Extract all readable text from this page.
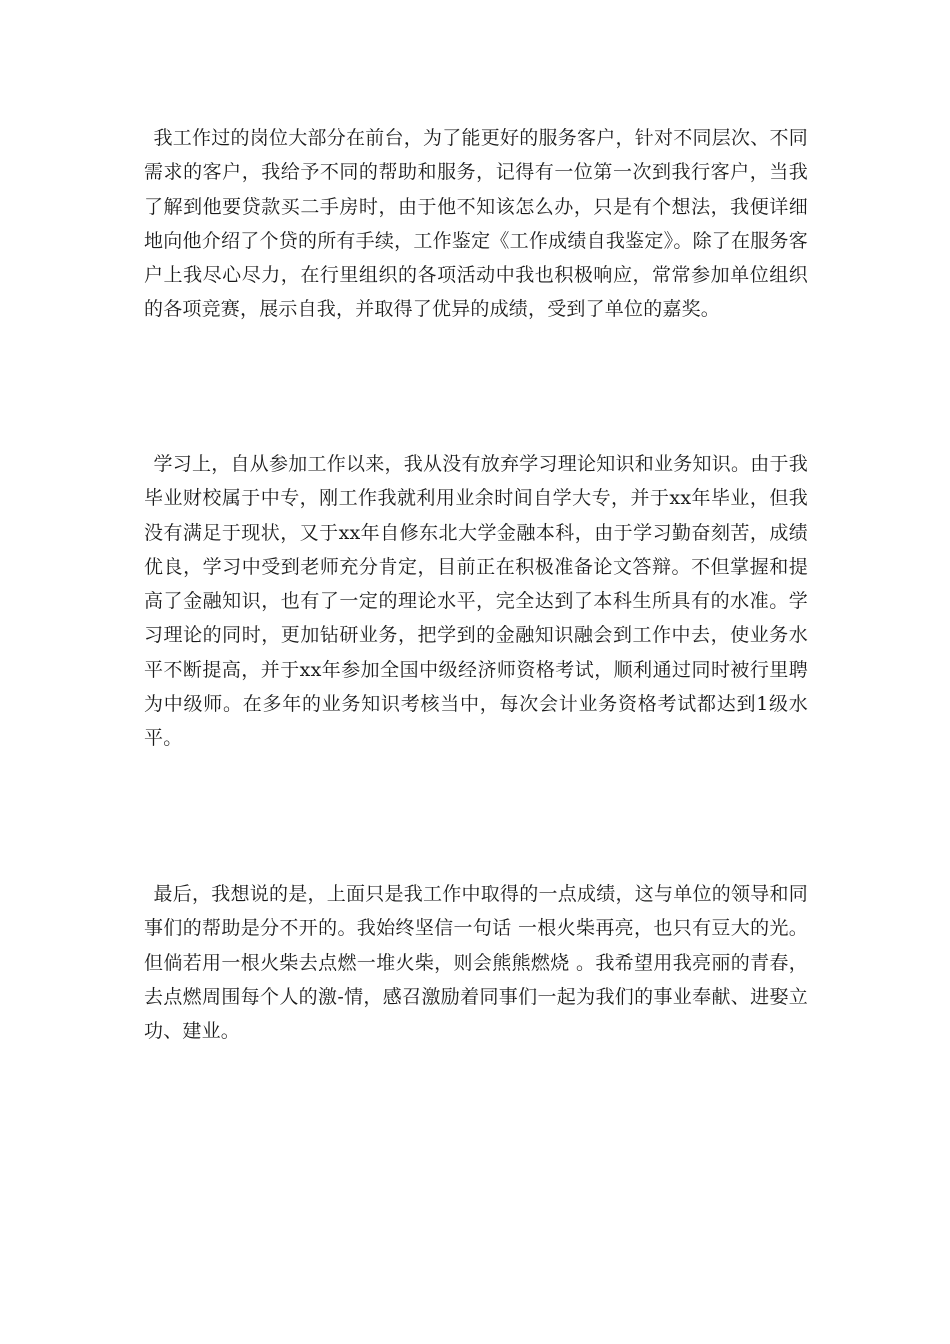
我工作过的岗位大部分在前台，为了能更好的服务客户，针对不同层次、不同需求的客户，我给予不同的帮助和服务，记得有一位第一次到我行客户，当我了解到他要贷款买二手房时，由于他不知该怎么办，只是有个想法，我便详细地向他介绍了个贷的所有手续，工作鉴定《工作成绩自我鉴定》。除了在服务客户上我尽心尽力，在行里组织的各项活动中我也积极响应，常常参加单位组织的各项竞赛，展示自我，并取得了优异的成绩，受到了单位的嘉奖。

学习上，自从参加工作以来，我从没有放弃学习理论知识和业务知识。由于我毕业财校属于中专，刚工作我就利用业余时间自学大专，并于xx年毕业，但我没有满足于现状，又于xx年自修东北大学金融本科，由于学习勤奋刻苦，成绩优良，学习中受到老师充分肯定，目前正在积极准备论文答辩。不但掌握和提高了金融知识，也有了一定的理论水平，完全达到了本科生所具有的水准。学习理论的同时，更加钻研业务，把学到的金融知识融会到工作中去，使业务水平不断提高，并于xx年参加全国中级经济师资格考试，顺利通过同时被行里聘为中级师。在多年的业务知识考核当中，每次会计业务资格考试都达到1级水平。

最后，我想说的是，上面只是我工作中取得的一点成绩，这与单位的领导和同事们的帮助是分不开的。我始终坚信一句话 一根火柴再亮，也只有豆大的光。但倘若用一根火柴去点燃一堆火柴，则会熊熊燃烧 。我希望用我亮丽的青春，去点燃周围每个人的激-情，感召激励着同事们一起为我们的事业奉献、进娶立功、建业。
